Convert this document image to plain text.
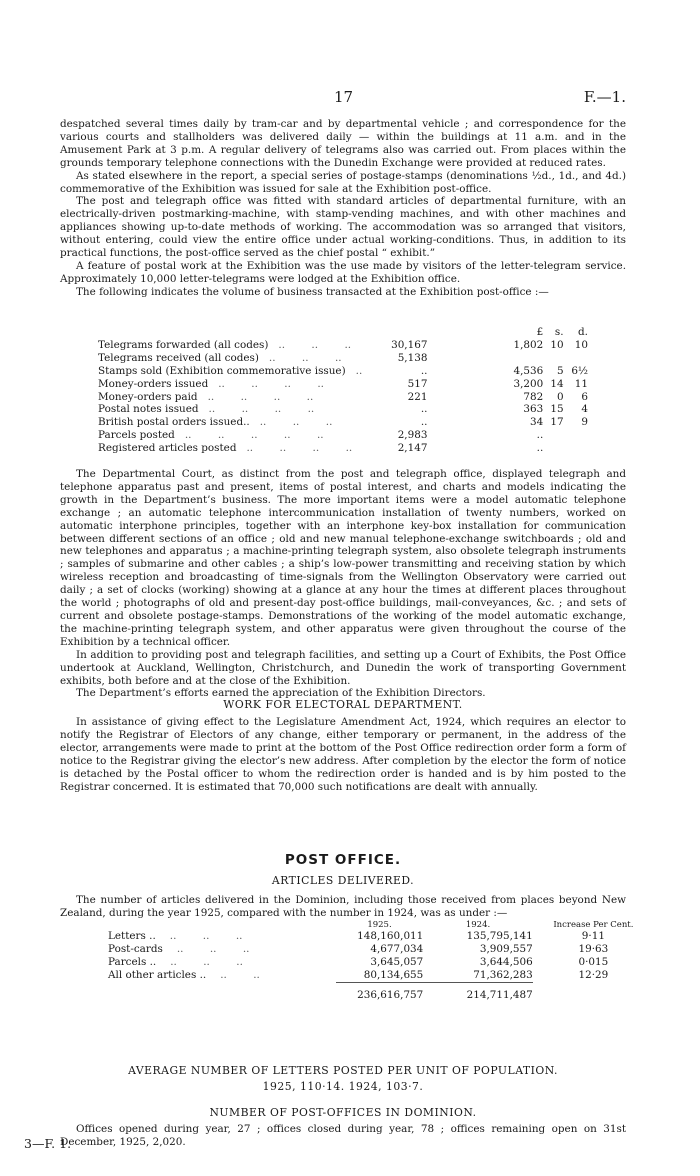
17	F.—1.

despatched several times daily by tram-car and by departmental vehicle ; and correspondence for the various courts and stallholders was delivered daily — within the buildings at 11 a.m. and in the Amusement Park at 3 p.m. A regular delivery of telegrams also was carried out. From places within the grounds temporary telephone connections with the Dunedin Exchange were provided at reduced rates.

As stated elsewhere in the report, a special series of postage-stamps (denominations ½d., 1d., and 4d.) commemorative of the Exhibition was issued for sale at the Exhibition post-office.

The post and telegraph office was fitted with standard articles of departmental furniture, with an electrically-driven postmarking-machine, with stamp-vending machines, and with other machines and appliances showing up-to-date methods of working. The accommodation was so arranged that visitors, without entering, could view the entire office under actual working-conditions. Thus, in addition to its practical functions, the post-office served as the chief postal “ exhibit.”

A feature of postal work at the Exhibition was the use made by visitors of the letter-telegram service. Approximately 10,000 letter-telegrams were lodged at the Exhibition office.

The following indicates the volume of business transacted at the Exhibition post-office :—

			£	s.	d.
Telegrams forwarded (all codes) ..        ..        ..	30,167		1,802	10	10
Telegrams received (all codes) ..        ..        ..	5,138				
Stamps sold (Exhibition commemorative issue) ..	..		4,536	5	6½
Money-orders issued ..        ..        ..        ..	517		3,200	14	11
Money-orders paid ..        ..        ..        ..	221		782	0	6
Postal notes issued ..        ..        ..        ..	..		363	15	4
British postal orders issued.. ..        ..        ..	..		34	17	9
Parcels posted ..        ..        ..        ..        ..	2,983		..		
Registered articles posted ..        ..        ..        ..	2,147		..		

The Departmental Court, as distinct from the post and telegraph office, displayed telegraph and telephone apparatus past and present, items of postal interest, and charts and models indicating the growth in the Department’s business. The more important items were a model automatic telephone exchange ; an automatic telephone intercommunication installation of twenty numbers, worked on automatic interphone principles, together with an interphone key-box installation for communication between different sections of an office ; old and new manual telephone-exchange switchboards ; old and new telephones and apparatus ; a machine-printing telegraph system, also obsolete telegraph instruments ; samples of submarine and other cables ; a ship’s low-power transmitting and receiving station by which wireless reception and broadcasting of time-signals from the Wellington Observatory were carried out daily ; a set of clocks (working) showing at a glance at any hour the times at different places throughout the world ; photographs of old and present-day post-office buildings, mail-conveyances, &c. ; and sets of current and obsolete postage-stamps. Demonstrations of the working of the model automatic exchange, the machine-printing telegraph system, and other apparatus were given throughout the course of the Exhibition by a technical officer.

In addition to providing post and telegraph facilities, and setting up a Court of Exhibits, the Post Office undertook at Auckland, Wellington, Christchurch, and Dunedin the work of transporting Government exhibits, both before and at the close of the Exhibition.

The Department’s efforts earned the appreciation of the Exhibition Directors.

WORK FOR ELECTORAL DEPARTMENT.

In assistance of giving effect to the Legislature Amendment Act, 1924, which requires an elector to notify the Registrar of Electors of any change, either temporary or permanent, in the address of the elector, arrangements were made to print at the bottom of the Post Office redirection order form a form of notice to the Registrar giving the elector’s new address. After completion by the elector the form of notice is detached by the Postal officer to whom the redirection order is handed and is by him posted to the Registrar concerned. It is estimated that 70,000 such notifications are dealt with annually.

POST OFFICE.
ARTICLES DELIVERED.

The number of articles delivered in the Dominion, including those received from places beyond New Zealand, during the year 1925, compared with the number in 1924, was as under :—

	1925.	1924.	Increase Per Cent.
Letters .. ..        ..        ..	148,160,011	135,795,141	9·11
Post-cards ..        ..        ..	4,677,034	3,909,557	19·63
Parcels .. ..        ..        ..	3,645,057	3,644,506	0·015
All other articles .. ..        ..	80,134,655	71,362,283	12·29
	236,616,757	214,711,487	
AVERAGE NUMBER OF LETTERS POSTED PER UNIT OF POPULATION.
1925, 110·14. 1924, 103·7.
NUMBER OF POST-OFFICES IN DOMINION.

Offices opened during year, 27 ; offices closed during year, 78 ; offices remaining open on 31st December, 1925, 2,020.

3—F. 1.
